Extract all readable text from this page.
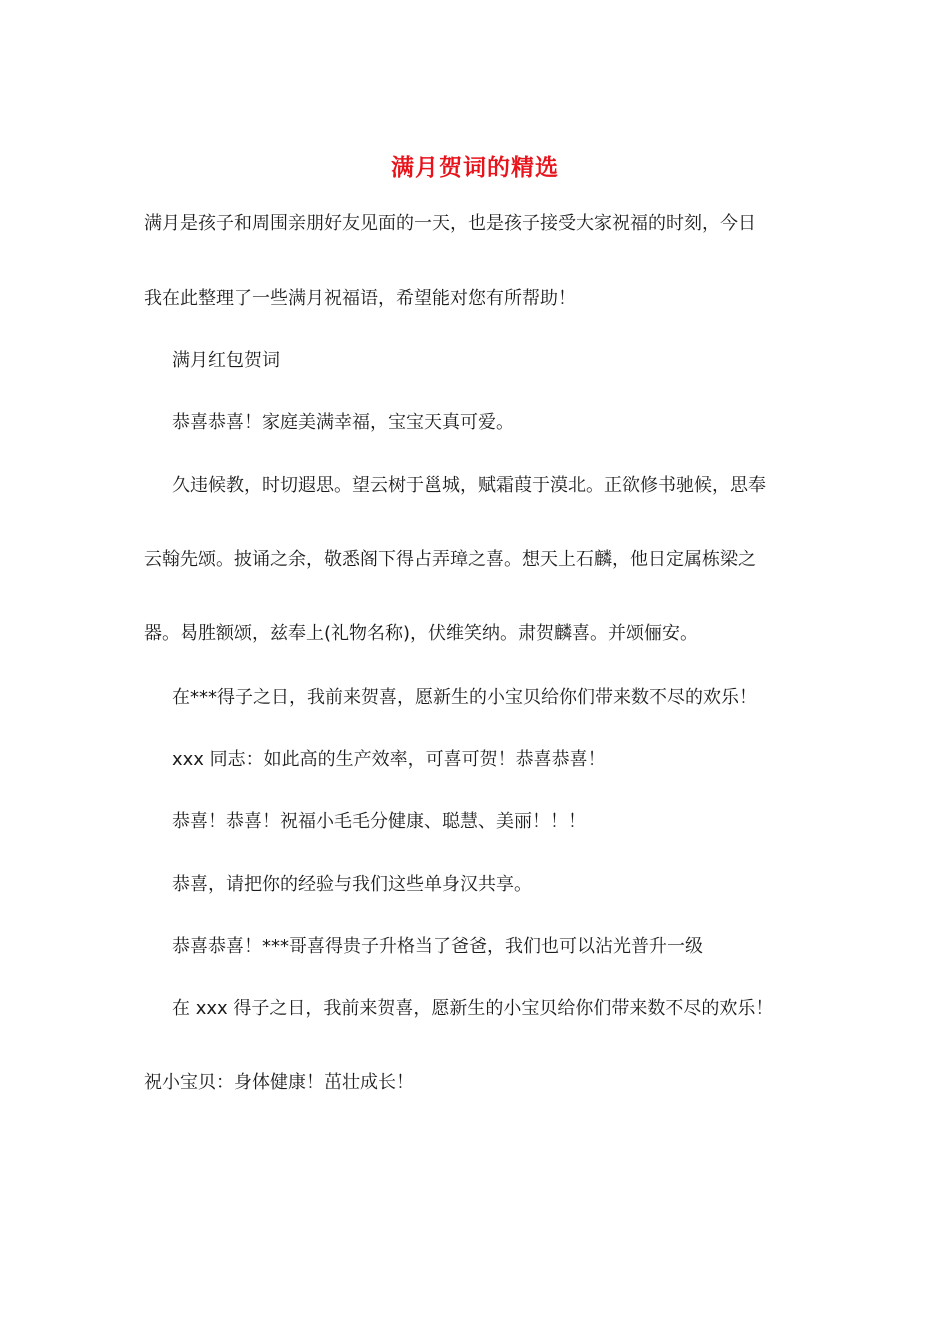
满月贺词的精选
满月是孩子和周围亲朋好友见面的一天，也是孩子接受大家祝福的时刻，今日
我在此整理了一些满月祝福语，希望能对您有所帮助！
满月红包贺词
恭喜恭喜！家庭美满幸福，宝宝天真可爱。
久违候教，时切遐思。望云树于邕城，赋霜葭于漠北。正欲修书驰候，思奉
云翰先颂。披诵之余，敬悉阁下得占弄璋之喜。想天上石麟，他日定属栋梁之
器。曷胜额颂，兹奉上(礼物名称)，伏维笑纳。肃贺麟喜。并颂俪安。
在***得子之日，我前来贺喜，愿新生的小宝贝给你们带来数不尽的欢乐！
xxx 同志：如此高的生产效率，可喜可贺！恭喜恭喜！
恭喜！恭喜！祝福小毛毛分健康、聪慧、美丽！！！
恭喜，请把你的经验与我们这些单身汉共享。
恭喜恭喜！***哥喜得贵子升格当了爸爸，我们也可以沾光普升一级
在 xxx 得子之日，我前来贺喜，愿新生的小宝贝给你们带来数不尽的欢乐！
祝小宝贝：身体健康！茁壮成长！
